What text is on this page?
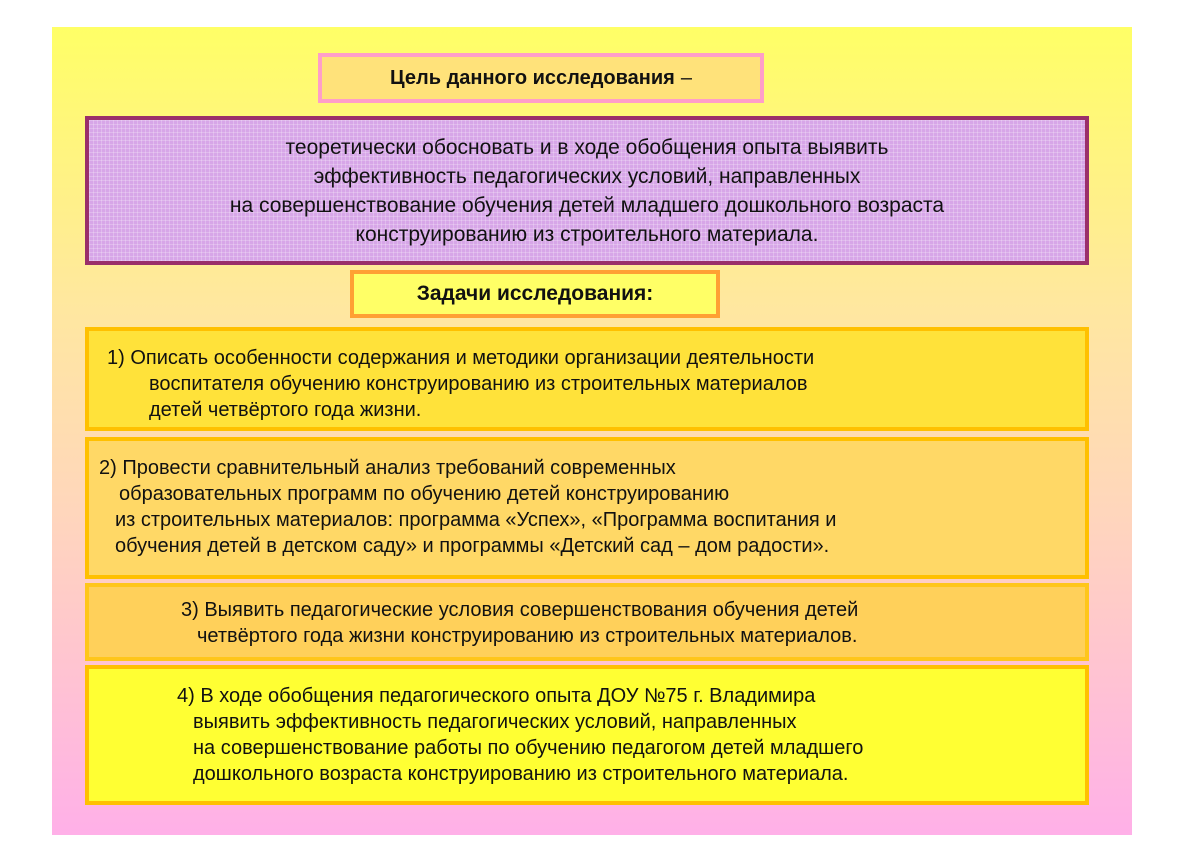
Цель данного исследования –
теоретически обосновать и в ходе обобщения опыта выявить
эффективность педагогических условий, направленных
на совершенствование обучения детей младшего дошкольного возраста
конструированию из строительного материала.
Задачи исследования:
1) Описать особенности содержания и методики организации деятельности
воспитателя обучению конструированию из строительных материалов
детей четвёртого года жизни.
2) Провести сравнительный анализ требований современных
образовательных программ по обучению детей конструированию
из строительных материалов: программа «Успех», «Программа воспитания и
обучения детей в детском саду» и программы «Детский сад – дом радости».
3) Выявить педагогические условия совершенствования обучения детей
четвёртого года жизни конструированию из строительных материалов.
4) В ходе обобщения педагогического опыта ДОУ №75 г. Владимира
выявить эффективность педагогических условий, направленных
на совершенствование работы по обучению педагогом детей младшего
дошкольного возраста конструированию из строительного материала.
